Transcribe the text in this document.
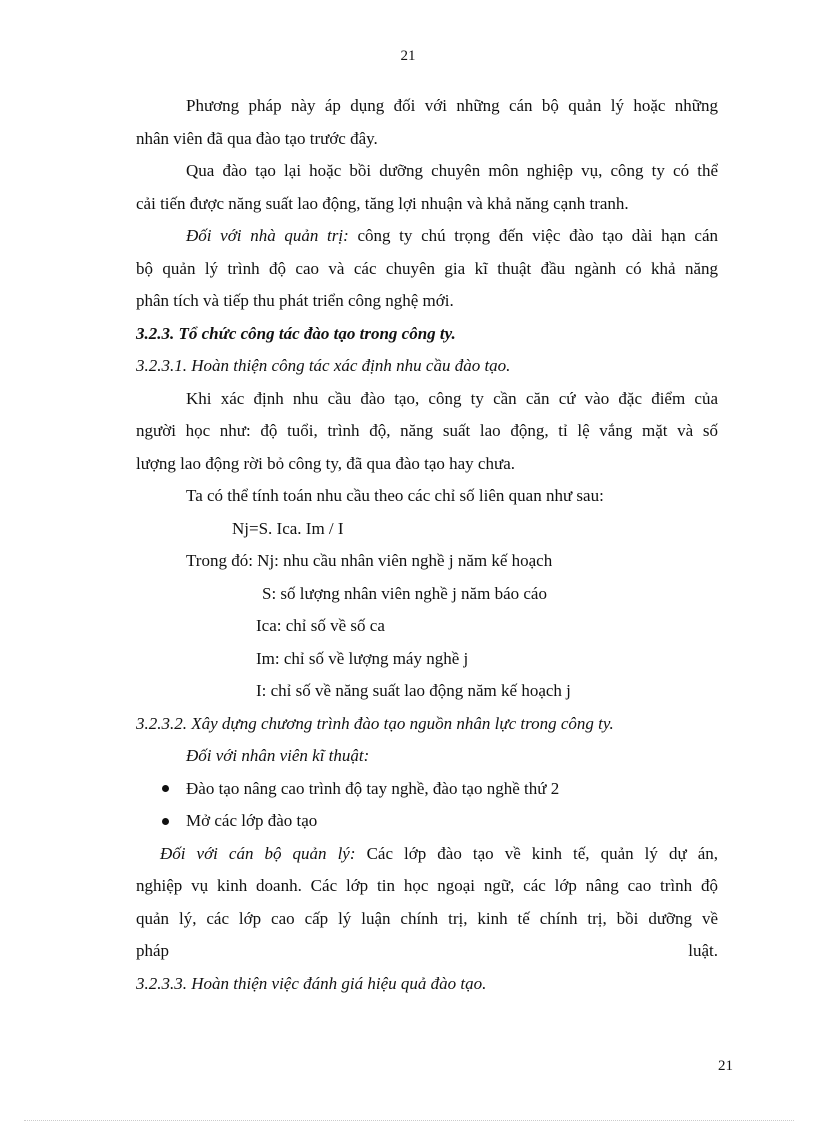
21
Phương pháp này áp dụng đối với những cán bộ quản lý hoặc những
nhân viên đã qua đào tạo trước đây.
Qua đào tạo lại hoặc bồi dưỡng chuyên môn nghiệp vụ, công ty có thể
cải tiến được năng suất lao động, tăng lợi nhuận và khả năng cạnh tranh.
Đối với nhà quản trị: công ty chú trọng đến việc đào tạo dài hạn cán
bộ quản lý trình độ cao và các chuyên gia kĩ thuật đầu ngành có khả năng
phân tích và tiếp thu phát triển công nghệ mới.
3.2.3. Tổ chức công tác đào tạo trong công ty.
3.2.3.1. Hoàn thiện công tác xác định nhu cầu đào tạo.
Khi xác định nhu cầu đào tạo, công ty cần căn cứ vào đặc điểm của
người học như: độ tuổi, trình độ, năng suất lao động, tỉ lệ vắng mặt và số
lượng lao động rời bỏ công ty, đã qua đào tạo hay chưa.
Ta có thể tính toán nhu cầu theo các chỉ số liên quan như sau:
Nj=S. Ica. Im / I
Trong đó: Nj: nhu cầu nhân viên nghề j năm kế hoạch
S: số lượng nhân viên nghề j năm báo cáo
Ica: chỉ số về số ca
Im: chỉ số về lượng máy nghề j
I: chỉ số về năng suất lao động năm kế hoạch j
3.2.3.2. Xây dựng chương trình đào tạo nguồn nhân lực trong công ty.
Đối với nhân viên kĩ thuật:
Đào tạo nâng cao trình độ tay nghề, đào tạo nghề thứ 2
Mở các lớp đào tạo
Đối với cán bộ quản lý: Các lớp đào tạo về kinh tế, quản lý dự án,
nghiệp vụ kinh doanh. Các lớp tin học ngoại ngữ, các lớp nâng cao trình độ
quản lý, các lớp cao cấp lý luận chính trị, kinh tế chính trị, bồi dưỡng về
pháp luật.
3.2.3.3. Hoàn thiện việc đánh giá hiệu quả đào tạo.
21
